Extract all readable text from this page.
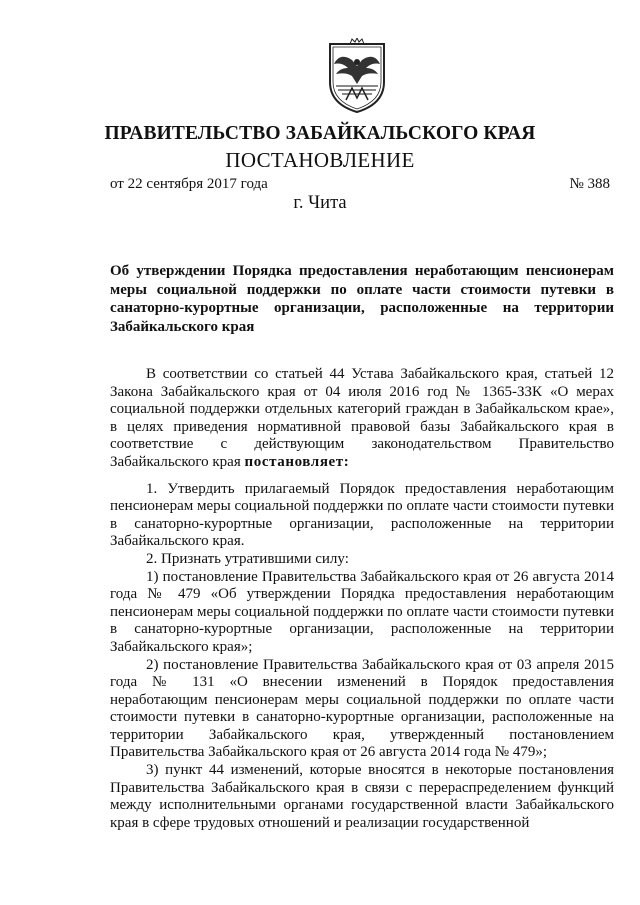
ПРАВИТЕЛЬСТВО ЗАБАЙКАЛЬСКОГО КРАЯ
ПОСТАНОВЛЕНИЕ
от 22 сентября 2017 года	№ 388
г. Чита
Об утверждении Порядка предоставления неработающим пенсионерам меры социальной поддержки по оплате части стоимости путевки в санаторно-курортные организации, расположенные на территории Забайкальского края

В соответствии со статьей 44 Устава Забайкальского края, статьей 12 Закона Забайкальского края от 04 июля 2016 год № 1365-ЗЗК «О мерах социальной поддержки отдельных категорий граждан в Забайкальском крае», в целях приведения нормативной правовой базы Забайкальского края в соответствие с действующим законодательством Правительство Забайкальского края постановляет:

1. Утвердить прилагаемый Порядок предоставления неработающим пенсионерам меры социальной поддержки по оплате части стоимости путевки в санаторно-курортные организации, расположенные на территории Забайкальского края.

2. Признать утратившими силу:

1) постановление Правительства Забайкальского края от 26 августа 2014 года № 479 «Об утверждении Порядка предоставления неработающим пенсионерам меры социальной поддержки по оплате части стоимости путевки в санаторно-курортные организации, расположенные на территории Забайкальского края»;

2) постановление Правительства Забайкальского края от 03 апреля 2015 года № 131 «О внесении изменений в Порядок предоставления неработающим пенсионерам меры социальной поддержки по оплате части стоимости путевки в санаторно-курортные организации, расположенные на территории Забайкальского края, утвержденный постановлением Правительства Забайкальского края от 26 августа 2014 года № 479»;

3) пункт 44 изменений, которые вносятся в некоторые постановления Правительства Забайкальского края в связи с перераспределением функций между исполнительными органами государственной власти Забайкальского края в сфере трудовых отношений и реализации государственной
